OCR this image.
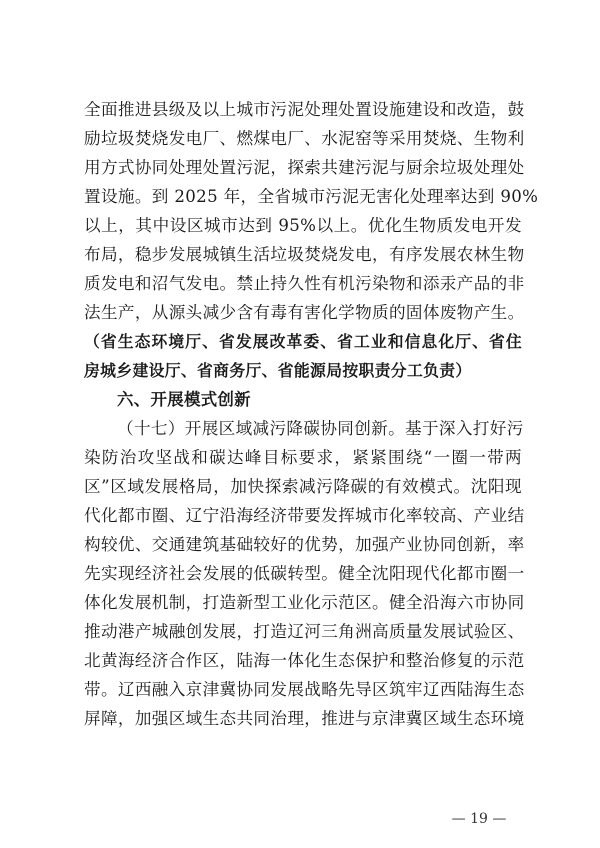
全面推进县级及以上城市污泥处理处置设施建设和改造，鼓
励垃圾焚烧发电厂、燃煤电厂、水泥窑等采用焚烧、生物利
用方式协同处理处置污泥，探索共建污泥与厨余垃圾处理处
置设施。到 2025 年，全省城市污泥无害化处理率达到 90%
以上，其中设区城市达到 95%以上。优化生物质发电开发
布局，稳步发展城镇生活垃圾焚烧发电，有序发展农林生物
质发电和沼气发电。禁止持久性有机污染物和添汞产品的非
法生产，从源头减少含有毒有害化学物质的固体废物产生。
（省生态环境厅、省发展改革委、省工业和信息化厅、省住
房城乡建设厅、省商务厅、省能源局按职责分工负责）
六、开展模式创新
（十七）开展区域减污降碳协同创新。基于深入打好污
染防治攻坚战和碳达峰目标要求，紧紧围绕“一圈一带两
区”区域发展格局，加快探索减污降碳的有效模式。沈阳现
代化都市圈、辽宁沿海经济带要发挥城市化率较高、产业结
构较优、交通建筑基础较好的优势，加强产业协同创新，率
先实现经济社会发展的低碳转型。健全沈阳现代化都市圈一
体化发展机制，打造新型工业化示范区。健全沿海六市协同
推动港产城融创发展，打造辽河三角洲高质量发展试验区、
北黄海经济合作区，陆海一体化生态保护和整治修复的示范
带。辽西融入京津冀协同发展战略先导区筑牢辽西陆海生态
屏障，加强区域生态共同治理，推进与京津冀区域生态环境
— 19 —
